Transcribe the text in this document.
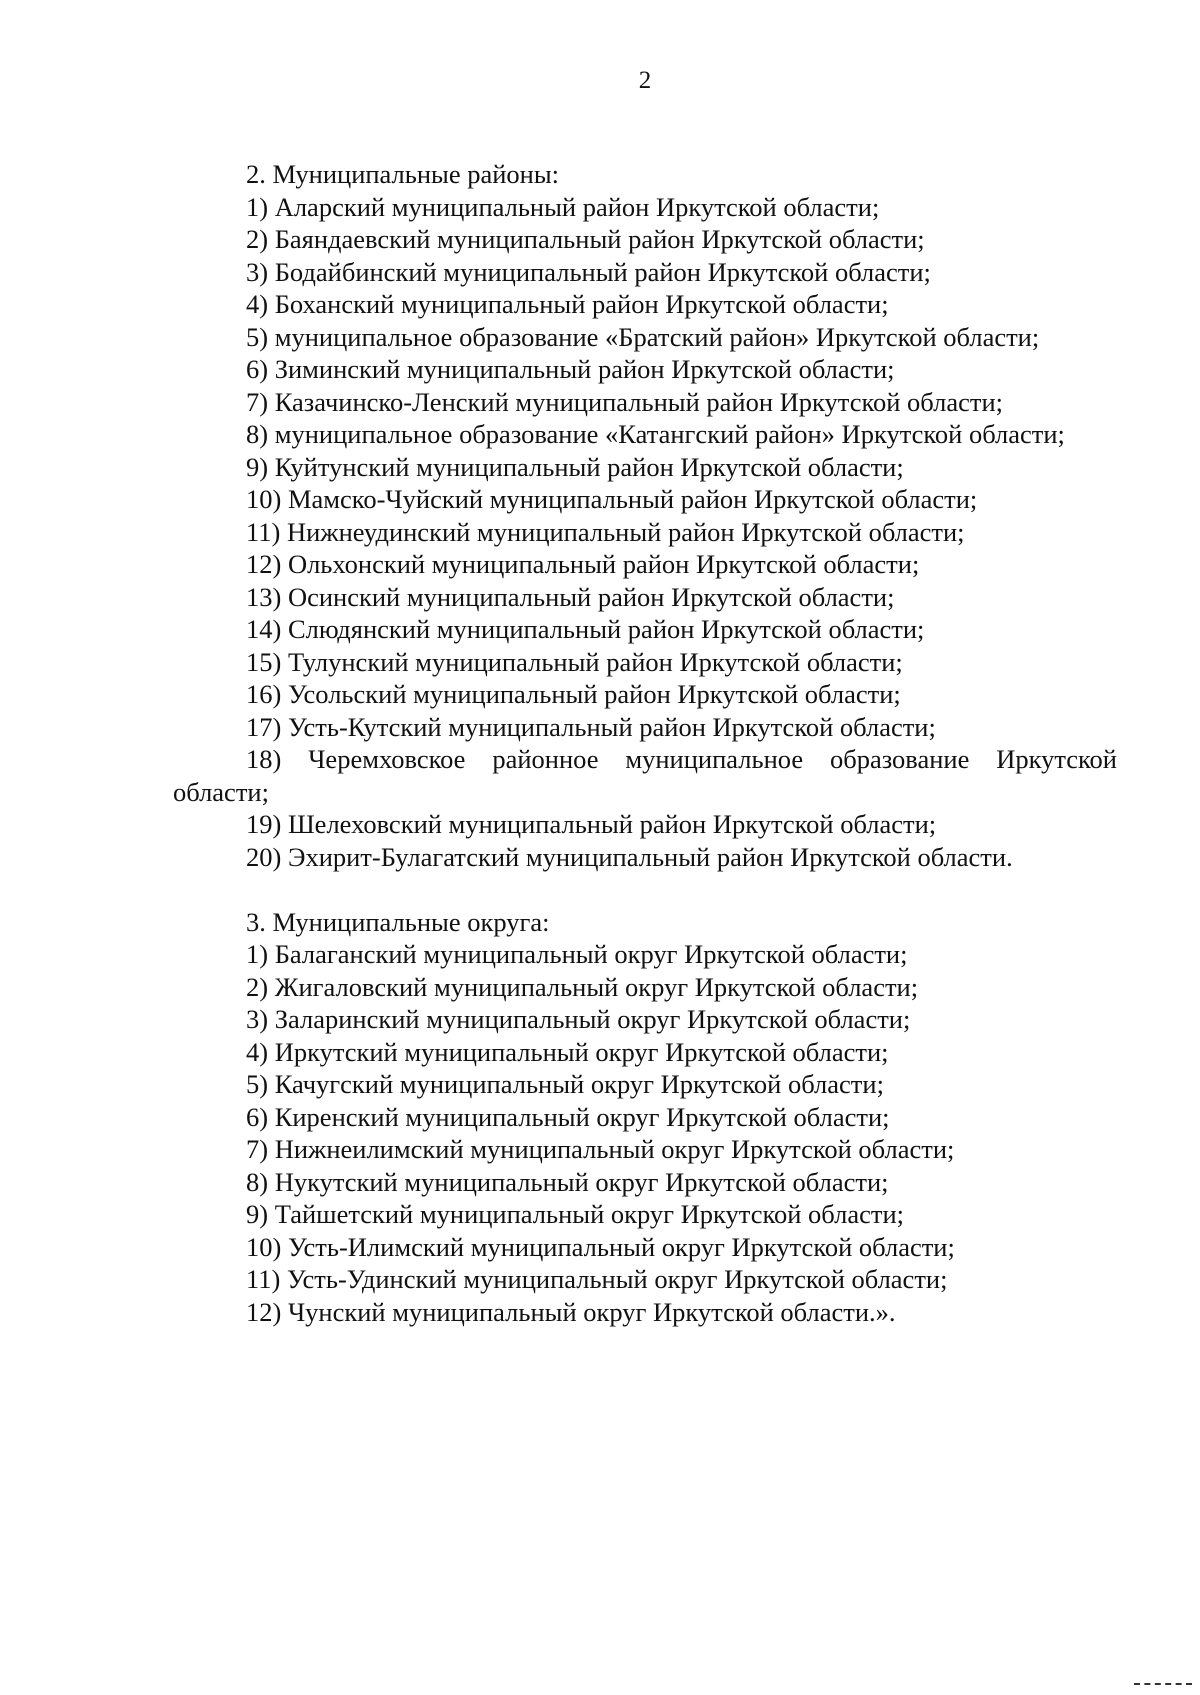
2
2. Муниципальные районы:
1) Аларский муниципальный район Иркутской области;
2) Баяндаевский муниципальный район Иркутской области;
3) Бодайбинский муниципальный район Иркутской области;
4) Боханский муниципальный район Иркутской области;
5) муниципальное образование «Братский район» Иркутской области;
6) Зиминский муниципальный район Иркутской области;
7) Казачинско-Ленский муниципальный район Иркутской области;
8) муниципальное образование «Катангский район» Иркутской области;
9) Куйтунский муниципальный район Иркутской области;
10) Мамско-Чуйский муниципальный район Иркутской области;
11) Нижнеудинский муниципальный район Иркутской области;
12) Ольхонский муниципальный район Иркутской области;
13) Осинский муниципальный район Иркутской области;
14) Слюдянский муниципальный район Иркутской области;
15) Тулунский муниципальный район Иркутской области;
16) Усольский муниципальный район Иркутской области;
17) Усть-Кутский муниципальный район Иркутской области;
18) Черемховское районное муниципальное образование Иркутской
области;
19) Шелеховский муниципальный район Иркутской области;
20) Эхирит-Булагатский муниципальный район Иркутской области.
3. Муниципальные округа:
1) Балаганский муниципальный округ Иркутской области;
2) Жигаловский муниципальный округ Иркутской области;
3) Заларинский муниципальный округ Иркутской области;
4) Иркутский муниципальный округ Иркутской области;
5) Качугский муниципальный округ Иркутской области;
6) Киренский муниципальный округ Иркутской области;
7) Нижнеилимский муниципальный округ Иркутской области;
8) Нукутский муниципальный округ Иркутской области;
9) Тайшетский муниципальный округ Иркутской области;
10) Усть-Илимский муниципальный округ Иркутской области;
11) Усть-Удинский муниципальный округ Иркутской области;
12) Чунский муниципальный округ Иркутской области.».
